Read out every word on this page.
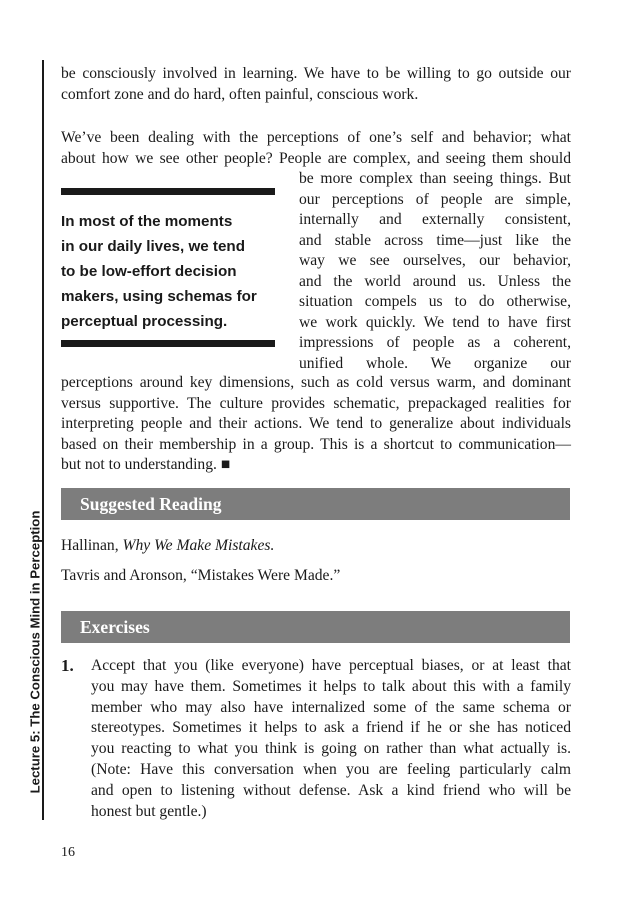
Lecture 5: The Conscious Mind in Perception
be consciously involved in learning. We have to be willing to go outside our
comfort zone and do hard, often painful, conscious work.
We’ve been dealing with the perceptions of one’s self and behavior; what
about how we see other people? People are complex, and seeing them should
be more complex than seeing things. But
our perceptions of people are simple,
internally and externally consistent,
and stable across time—just like the
way we see ourselves, our behavior,
and the world around us. Unless the
situation compels us to do otherwise,
we work quickly. We tend to have first
impressions of people as a coherent,
unified whole. We organize our
perceptions around key dimensions, such as cold versus warm, and dominant
versus supportive. The culture provides schematic, prepackaged realities for
interpreting people and their actions. We tend to generalize about individuals
based on their membership in a group. This is a shortcut to communication—
but not to understanding. ■
In most of the moments
in our daily lives, we tend
to be low-effort decision
makers, using schemas for
perceptual processing.
Suggested Reading
Hallinan, Why We Make Mistakes.
Tavris and Aronson, “Mistakes Were Made.”
Exercises
1. Accept that you (like everyone) have perceptual biases, or at least that
you may have them. Sometimes it helps to talk about this with a family
member who may also have internalized some of the same schema or
stereotypes. Sometimes it helps to ask a friend if he or she has noticed
you reacting to what you think is going on rather than what actually is.
(Note: Have this conversation when you are feeling particularly calm
and open to listening without defense. Ask a kind friend who will be
honest but gentle.)
16
